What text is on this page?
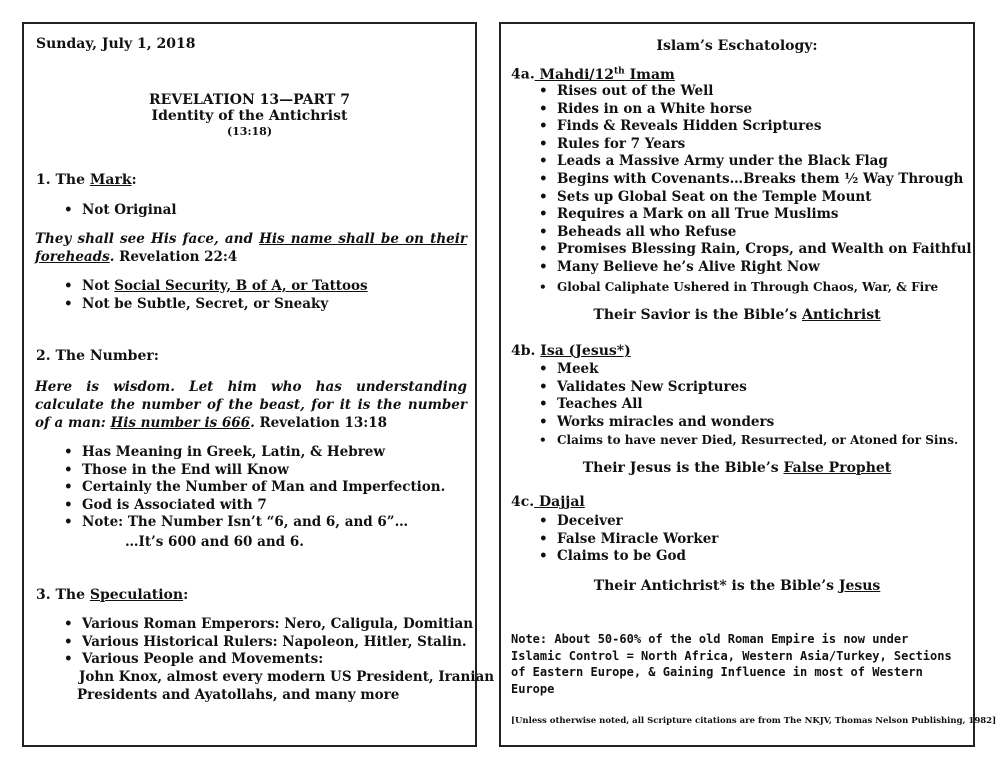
Sunday, July 1, 2018
REVELATION 13—PART 7
Identity of the Antichrist
(13:18)
1. The Mark:
• Not Original
They shall see His face, and His name shall be on their foreheads. Revelation 22:4
• Not Social Security, B of A, or Tattoos
• Not be Subtle, Secret, or Sneaky
2. The Number:
Here is wisdom. Let him who has understanding calculate the number of the beast, for it is the number of a man: His number is 666. Revelation 13:18
• Has Meaning in Greek, Latin, & Hebrew
• Those in the End will Know
• Certainly the Number of Man and Imperfection.
• God is Associated with 7
• Note: The Number Isn’t “6, and 6, and 6”…
…It’s 600 and 60 and 6.
3. The Speculation:
• Various Roman Emperors: Nero, Caligula, Domitian
• Various Historical Rulers: Napoleon, Hitler, Stalin.
• Various People and Movements:
John Knox, almost every modern US President, Iranian
Presidents and Ayatollahs, and many more
Islam’s Eschatology:
4a. Mahdi/12th Imam
• Rises out of the Well
• Rides in on a White horse
• Finds & Reveals Hidden Scriptures
• Rules for 7 Years
• Leads a Massive Army under the Black Flag
• Begins with Covenants…Breaks them ½ Way Through
• Sets up Global Seat on the Temple Mount
• Requires a Mark on all True Muslims
• Beheads all who Refuse
• Promises Blessing Rain, Crops, and Wealth on Faithful
• Many Believe he’s Alive Right Now
• Global Caliphate Ushered in Through Chaos, War, & Fire
Their Savior is the Bible’s Antichrist
4b. Isa (Jesus*)
• Meek
• Validates New Scriptures
• Teaches All
• Works miracles and wonders
• Claims to have never Died, Resurrected, or Atoned for Sins.
Their Jesus is the Bible’s False Prophet
4c. Dajjal
• Deceiver
• False Miracle Worker
• Claims to be God
Their Antichrist* is the Bible’s Jesus
Note: About 50-60% of the old Roman Empire is now under Islamic Control = North Africa, Western Asia/Turkey, Sections of Eastern Europe, & Gaining Influence in most of Western Europe
[Unless otherwise noted, all Scripture citations are from The NKJV, Thomas Nelson Publishing, 1982]
